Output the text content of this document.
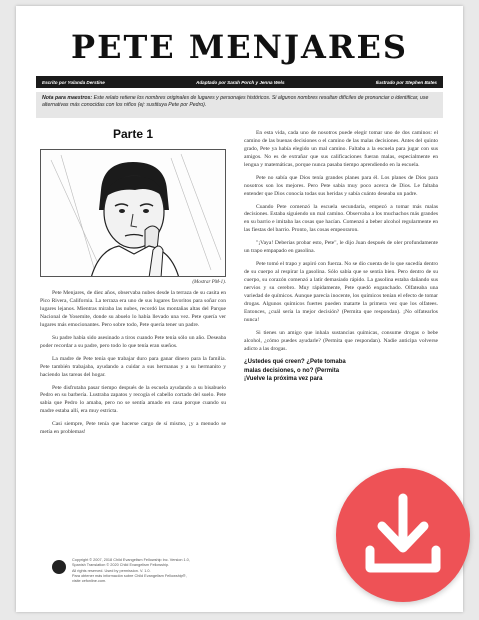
PETE MENJARES
Escrito por Yolanda Derstine	Adaptado por Sarah Porch y Jenna Wels	Ilustrado por Stephen Bates
Nota para maestros: Este relato retiene los nombres originales de lugares y personajes históricos. Si algunos nombres resultan difíciles de pronunciar o identificar, use alternativas más conocidas con los niños (ej: sustituya Pete por Pedro).
Parte 1
(Mostrar PM-1).

Pete Menjares, de diez años, observaba nubes desde la terraza de su casita en Pico Rivera, California. La terraza era uno de sus lugares favoritos para soñar con lugares lejanos. Mientras miraba las nubes, recordó las montañas altas del Parque Nacional de Yosemite, donde su abuelo lo había llevado una vez. Pete quería ver lugares más emocionantes. Pero sobre todo, Pete quería tener un padre.

Su padre había sido asesinado a tiros cuando Pete tenía sólo un año. Deseaba poder recordar a su padre, pero todo lo que tenía eran sueños.

La madre de Pete tenía que trabajar duro para ganar dinero para la familia. Pete también trabajaba, ayudando a cuidar a sus hermanas y a su hermanito y haciendo las tareas del hogar.

Pete disfrutaba pasar tiempo después de la escuela ayudando a su bisabuelo Pedro en su barbería. Lustraba zapatos y recogía el cabello cortado del suelo. Pete sabía que Pedro lo amaba, pero no se sentía amado en casa porque cuando su madre estaba allí, era muy estricta.

Casi siempre, Pete tenía que hacerse cargo de sí mismo, ¡y a menudo se metía en problemas!

En esta vida, cada uno de nosotros puede elegir tomar uno de dos caminos: el camino de las buenas decisiones o el camino de las malas decisiones. Antes del quinto grado, Pete ya había elegido un mal camino. Faltaba a la escuela para jugar con sus amigos. No es de extrañar que sus calificaciones fueran malas, especialmente en lengua y matemáticas, porque nunca pasaba tiempo aprendiendo en la escuela.

Pete no sabía que Dios tenía grandes planes para él. Los planes de Dios para nosotros son los mejores. Pero Pete sabía muy poco acerca de Dios. Le faltaba entender que Dios conocía todas sus heridas y sabía cuánto deseaba un padre.

Cuando Pete comenzó la escuela secundaria, empezó a tomar más malas decisiones. Estaba siguiendo un mal camino. Observaba a los muchachos más grandes en su barrio e imitaba las cosas que hacían. Comenzó a beber alcohol regularmente en las fiestas del barrio. Pronto, las cosas empeoraron.

"¡Vaya! Deberías probar esto, Pete", le dijo Juan después de oler profundamente un trapo empapado en gasolina.

Pete tomó el trapo y aspiró con fuerza. No se dio cuenta de lo que sucedía dentro de su cuerpo al respirar la gasolina. Sólo sabía que se sentía bien. Pero dentro de su cuerpo, su corazón comenzó a latir demasiado rápido. La gasolina estaba dañando sus nervios y su cerebro. Muy rápidamente, Pete quedó enganchado. Olfateaba una variedad de químicos. Aunque parecía inocente, los químicos tenían el efecto de tomar drogas. Algunos químicos fuertes pueden matarte la primera vez que los olfatees. Entonces, ¿cuál sería la mejor decisión? (Permita que respondan). ¡No olfatearlos nunca!

Si tienes un amigo que inhala sustancias químicas, consume drogas o bebe alcohol, ¿cómo puedes ayudarle? (Permita que respondan). Nadie anticipa volverse adicto a las drogas.

¿Ustedes qué creen? ¿Pete tomaba
malas decisiones, o no? (Permita
¡Vuelve la próxima vez para
Copyright © 2007, 2018 Child Evangelism Fellowship Inc. Version 1.0,
Spanish Translation © 2020 Child Evangelism Fellowship.
All rights reserved. Used by permission. V. 1.0.
Para obtener más información sobre Child Evangelism Fellowship®,
visite cefonline.com.
